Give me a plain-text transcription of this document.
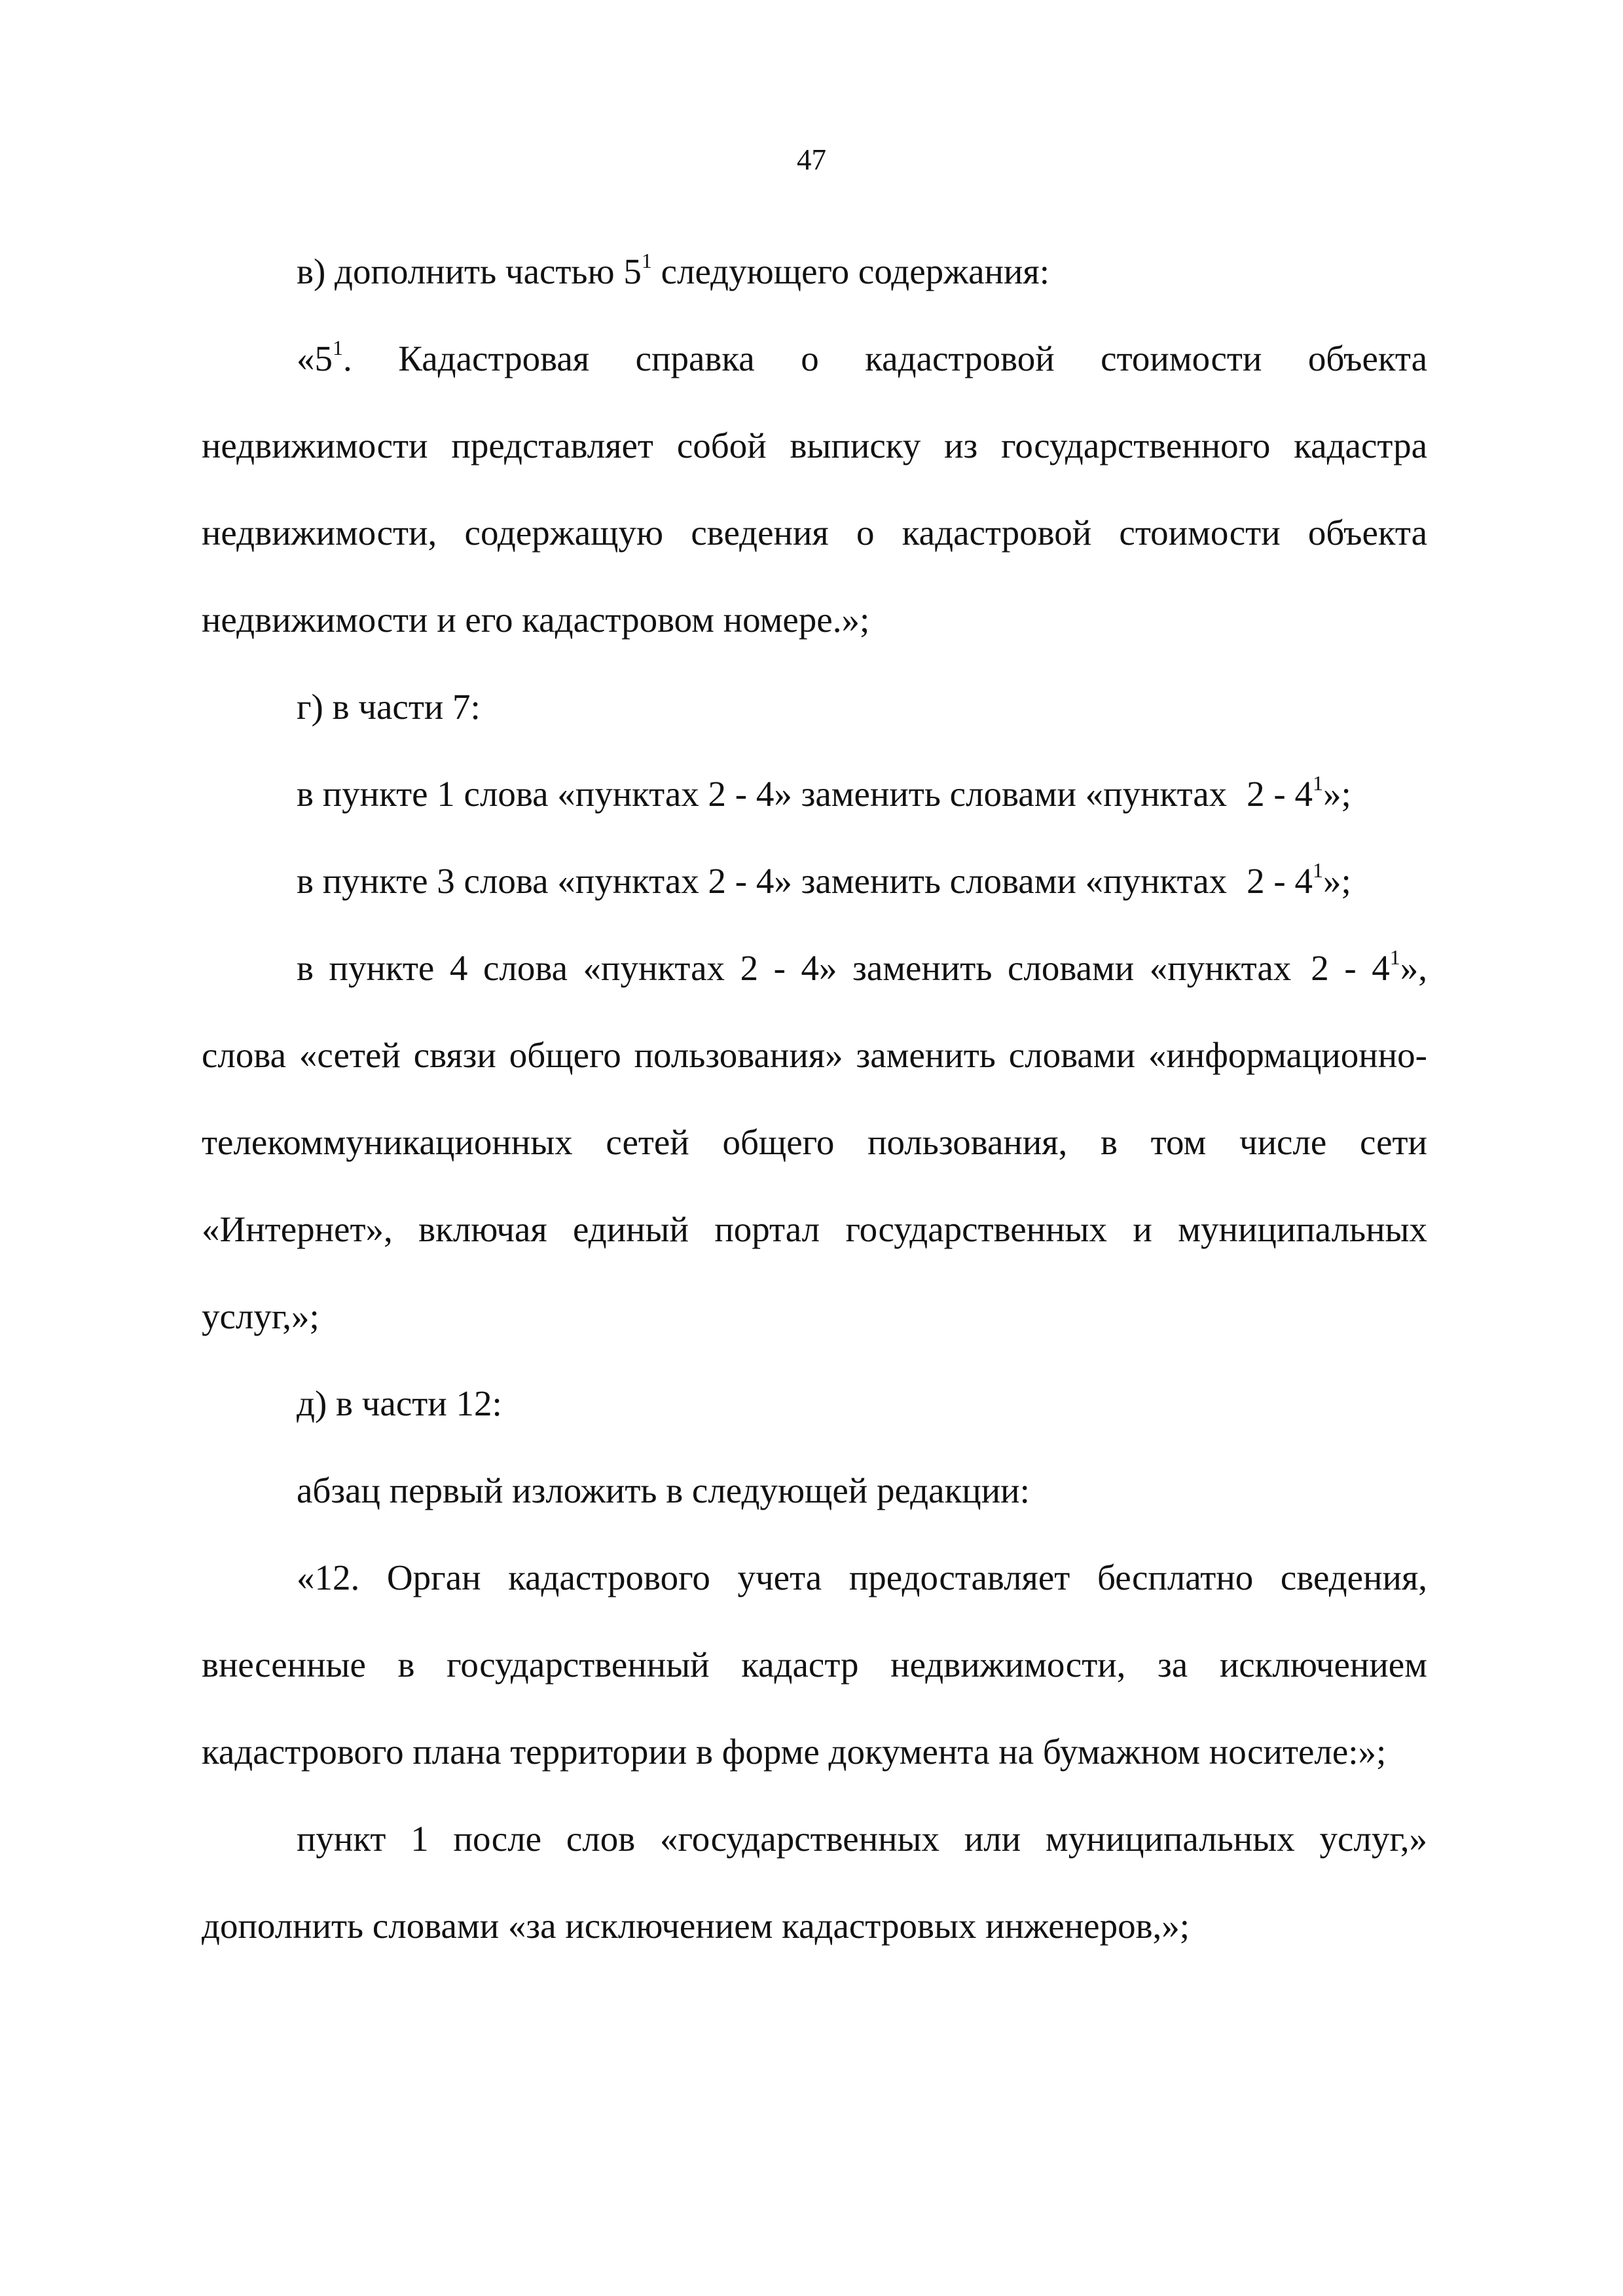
47

в) дополнить частью $5^1$ следующего содержания:

«$5^1$. Кадастровая справка о кадастровой стоимости объекта недвижимости представляет собой выписку из государственного кадастра недвижимости, содержащую сведения о кадастровой стоимости объекта недвижимости и его кадастровом номере.»;

г) в части 7:

в пункте 1 слова «пунктах 2 - 4» заменить словами «пунктах $2 - 4^1$»;

в пункте 3 слова «пунктах 2 - 4» заменить словами «пунктах $2 - 4^1$»;

в пункте 4 слова «пунктах 2 - 4» заменить словами «пунктах $2 - 4^1$», слова «сетей связи общего пользования» заменить словами «информационно-телекоммуникационных сетей общего пользования, в том числе сети «Интернет», включая единый портал государственных и муниципальных услуг,»;

д) в части 12:

абзац первый изложить в следующей редакции:

«12. Орган кадастрового учета предоставляет бесплатно сведения, внесенные в государственный кадастр недвижимости, за исключением кадастрового плана территории в форме документа на бумажном носителе:»;

пункт 1 после слов «государственных или муниципальных услуг,» дополнить словами «за исключением кадастровых инженеров,»;
